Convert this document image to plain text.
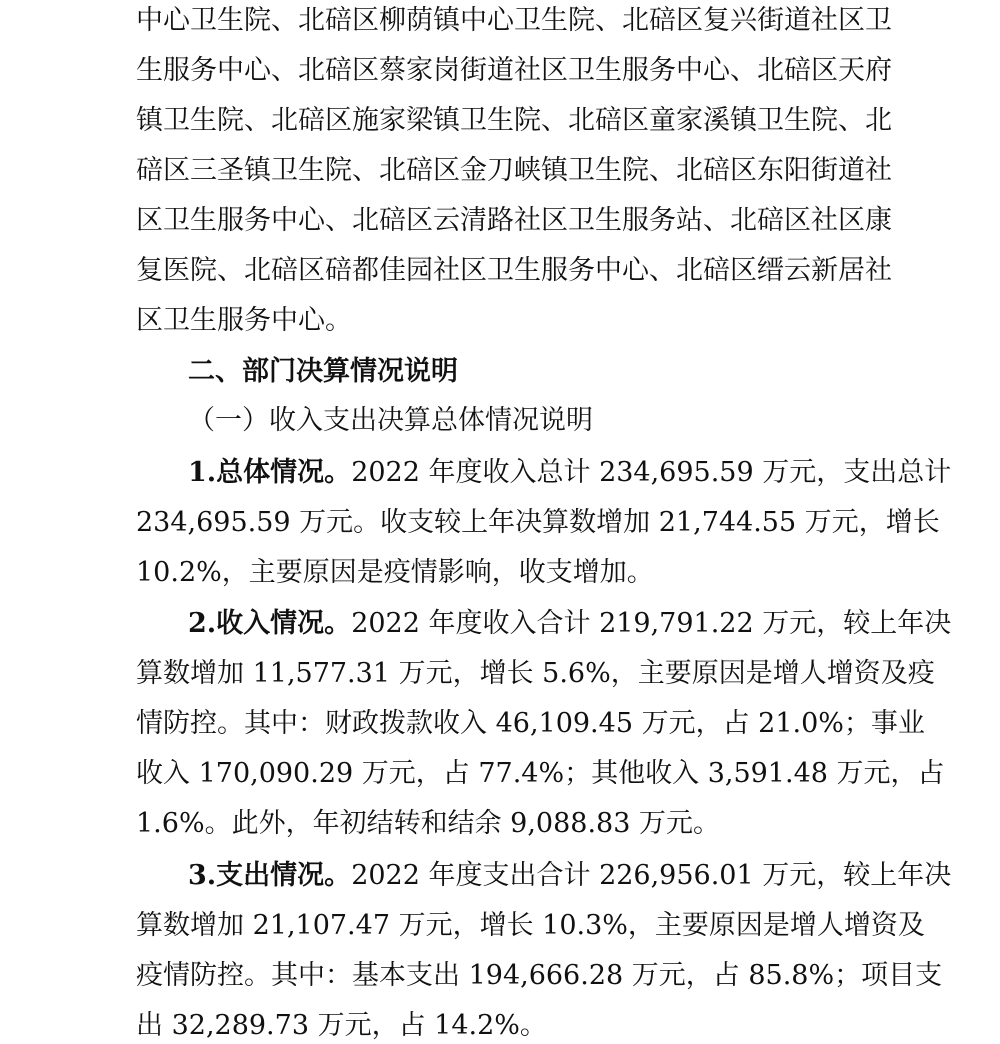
中心卫生院、北碚区柳荫镇中心卫生院、北碚区复兴街道社区卫

生服务中心、北碚区蔡家岗街道社区卫生服务中心、北碚区天府

镇卫生院、北碚区施家梁镇卫生院、北碚区童家溪镇卫生院、北

碚区三圣镇卫生院、北碚区金刀峡镇卫生院、北碚区东阳街道社

区卫生服务中心、北碚区云清路社区卫生服务站、北碚区社区康

复医院、北碚区碚都佳园社区卫生服务中心、北碚区缙云新居社

区卫生服务中心。

二、部门决算情况说明

（一）收入支出决算总体情况说明

1.总体情况。2022 年度收入总计 234,695.59 万元，支出总计

234,695.59 万元。收支较上年决算数增加 21,744.55 万元，增长

10.2%，主要原因是疫情影响，收支增加。

2.收入情况。2022 年度收入合计 219,791.22 万元，较上年决

算数增加 11,577.31 万元，增长 5.6%，主要原因是增人增资及疫

情防控。其中：财政拨款收入 46,109.45 万元，占 21.0%；事业

收入 170,090.29 万元，占 77.4%；其他收入 3,591.48 万元，占

1.6%。此外，年初结转和结余 9,088.83 万元。

3.支出情况。2022 年度支出合计 226,956.01 万元，较上年决

算数增加 21,107.47 万元，增长 10.3%，主要原因是增人增资及

疫情防控。其中：基本支出 194,666.28 万元，占 85.8%；项目支

出 32,289.73 万元，占 14.2%。
